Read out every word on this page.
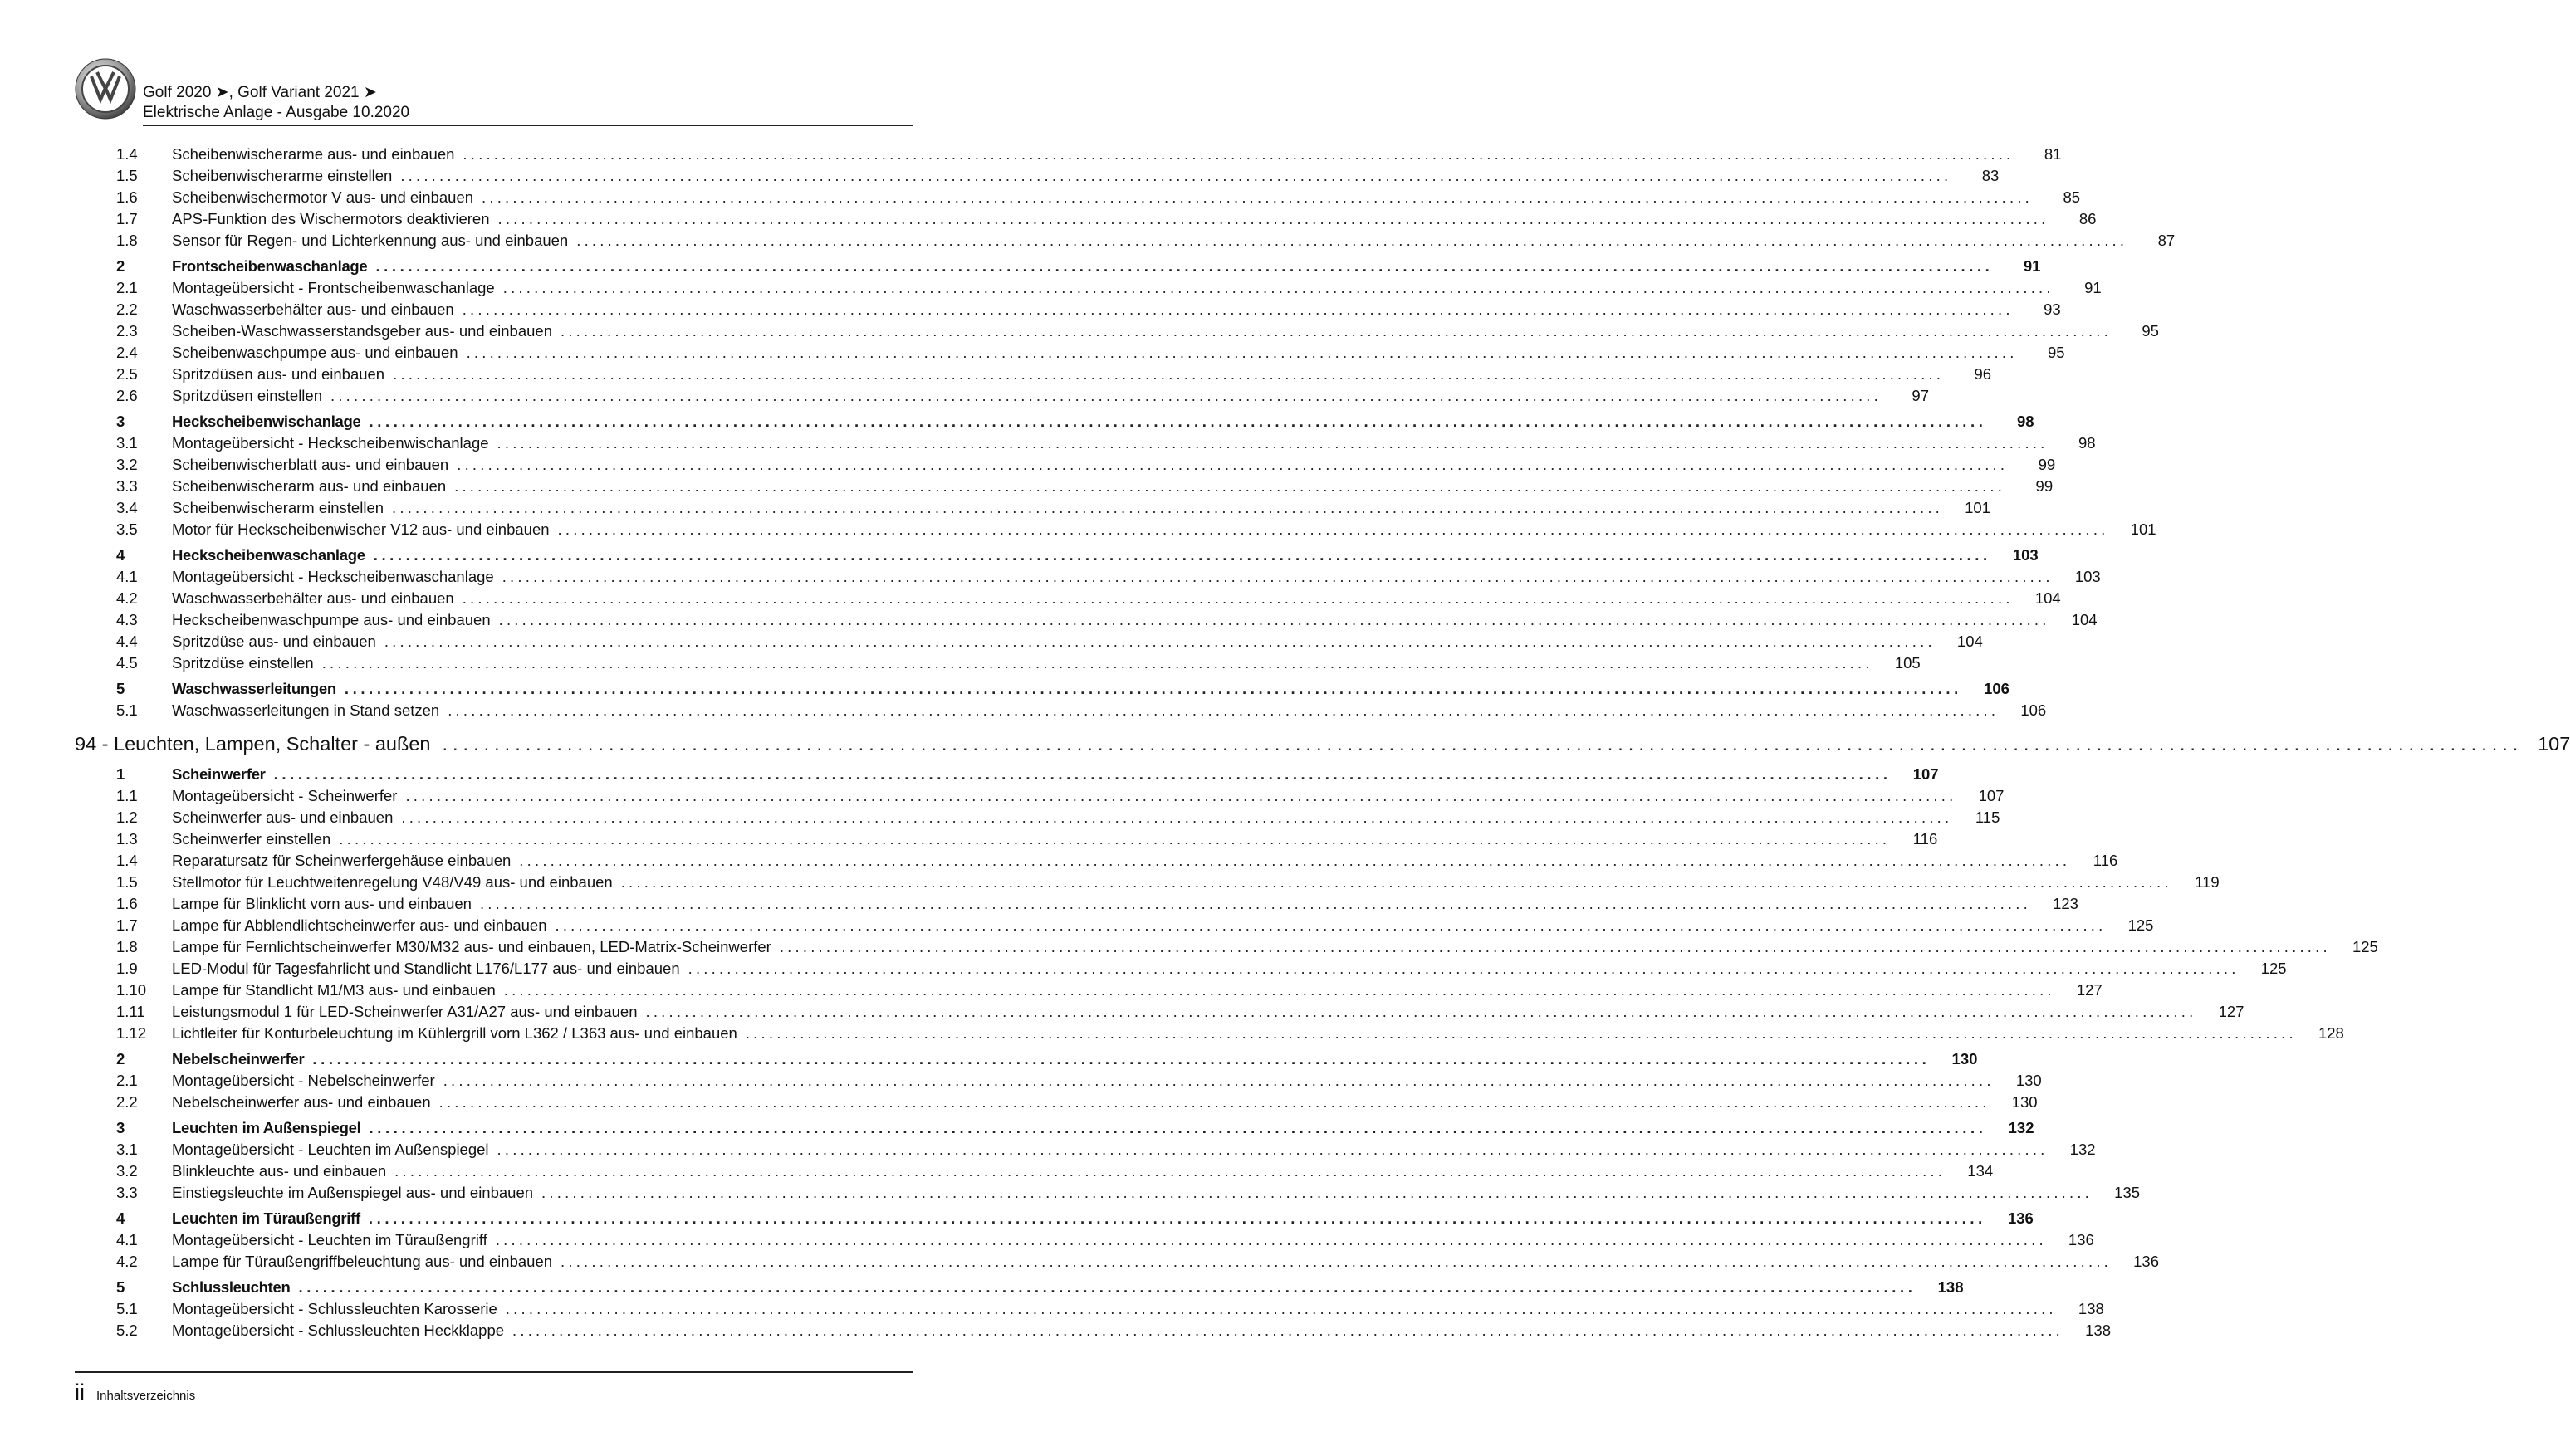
Golf 2020 ➤, Golf Variant 2021 ➤
Elektrische Anlage - Ausgabe 10.2020
1.4	Scheibenwischerarme aus- und einbauen ........................................................................................................................................................................................................	81
1.5	Scheibenwischerarme einstellen ........................................................................................................................................................................................................	83
1.6	Scheibenwischermotor V aus- und einbauen ........................................................................................................................................................................................................	85
1.7	APS-Funktion des Wischermotors deaktivieren ........................................................................................................................................................................................................	86
1.8	Sensor für Regen- und Lichterkennung aus- und einbauen ........................................................................................................................................................................................................	87
2	Frontscheibenwaschanlage ........................................................................................................................................................................................................	91
2.1	Montageübersicht - Frontscheibenwaschanlage ........................................................................................................................................................................................................	91
2.2	Waschwasserbehälter aus- und einbauen ........................................................................................................................................................................................................	93
2.3	Scheiben-Waschwasserstandsgeber aus- und einbauen ........................................................................................................................................................................................................	95
2.4	Scheibenwaschpumpe aus- und einbauen ........................................................................................................................................................................................................	95
2.5	Spritzdüsen aus- und einbauen ........................................................................................................................................................................................................	96
2.6	Spritzdüsen einstellen ........................................................................................................................................................................................................	97
3	Heckscheibenwischanlage ........................................................................................................................................................................................................	98
3.1	Montageübersicht - Heckscheibenwischanlage ........................................................................................................................................................................................................	98
3.2	Scheibenwischerblatt aus- und einbauen ........................................................................................................................................................................................................	99
3.3	Scheibenwischerarm aus- und einbauen ........................................................................................................................................................................................................	99
3.4	Scheibenwischerarm einstellen ........................................................................................................................................................................................................	101
3.5	Motor für Heckscheibenwischer V12 aus- und einbauen ........................................................................................................................................................................................................	101
4	Heckscheibenwaschanlage ........................................................................................................................................................................................................	103
4.1	Montageübersicht - Heckscheibenwaschanlage ........................................................................................................................................................................................................	103
4.2	Waschwasserbehälter aus- und einbauen ........................................................................................................................................................................................................	104
4.3	Heckscheibenwaschpumpe aus- und einbauen ........................................................................................................................................................................................................	104
4.4	Spritzdüse aus- und einbauen ........................................................................................................................................................................................................	104
4.5	Spritzdüse einstellen ........................................................................................................................................................................................................	105
5	Waschwasserleitungen ........................................................................................................................................................................................................	106
5.1	Waschwasserleitungen in Stand setzen ........................................................................................................................................................................................................	106
94 - Leuchten, Lampen, Schalter - außen ........................................................................................................................................................................................................ 107
1	Scheinwerfer ........................................................................................................................................................................................................	107
1.1	Montageübersicht - Scheinwerfer ........................................................................................................................................................................................................	107
1.2	Scheinwerfer aus- und einbauen ........................................................................................................................................................................................................	115
1.3	Scheinwerfer einstellen ........................................................................................................................................................................................................	116
1.4	Reparatursatz für Scheinwerfergehäuse einbauen ........................................................................................................................................................................................................	116
1.5	Stellmotor für Leuchtweitenregelung V48/V49 aus- und einbauen ........................................................................................................................................................................................................	119
1.6	Lampe für Blinklicht vorn aus- und einbauen ........................................................................................................................................................................................................	123
1.7	Lampe für Abblendlichtscheinwerfer aus- und einbauen ........................................................................................................................................................................................................	125
1.8	Lampe für Fernlichtscheinwerfer M30/M32 aus- und einbauen, LED-Matrix-Scheinwerfer ........................................................................................................................................................................................................	125
1.9	LED-Modul für Tagesfahrlicht und Standlicht L176/L177 aus- und einbauen ........................................................................................................................................................................................................	125
1.10	Lampe für Standlicht M1/M3 aus- und einbauen ........................................................................................................................................................................................................	127
1.11	Leistungsmodul 1 für LED-Scheinwerfer A31/A27 aus- und einbauen ........................................................................................................................................................................................................	127
1.12	Lichtleiter für Konturbeleuchtung im Kühlergrill vorn L362 / L363 aus- und einbauen ........................................................................................................................................................................................................	128
2	Nebelscheinwerfer ........................................................................................................................................................................................................	130
2.1	Montageübersicht - Nebelscheinwerfer ........................................................................................................................................................................................................	130
2.2	Nebelscheinwerfer aus- und einbauen ........................................................................................................................................................................................................	130
3	Leuchten im Außenspiegel ........................................................................................................................................................................................................	132
3.1	Montageübersicht - Leuchten im Außenspiegel ........................................................................................................................................................................................................	132
3.2	Blinkleuchte aus- und einbauen ........................................................................................................................................................................................................	134
3.3	Einstiegsleuchte im Außenspiegel aus- und einbauen ........................................................................................................................................................................................................	135
4	Leuchten im Türaußengriff ........................................................................................................................................................................................................	136
4.1	Montageübersicht - Leuchten im Türaußengriff ........................................................................................................................................................................................................	136
4.2	Lampe für Türaußengriffbeleuchtung aus- und einbauen ........................................................................................................................................................................................................	136
5	Schlussleuchten ........................................................................................................................................................................................................	138
5.1	Montageübersicht - Schlussleuchten Karosserie ........................................................................................................................................................................................................	138
5.2	Montageübersicht - Schlussleuchten Heckklappe ........................................................................................................................................................................................................	138
ii Inhaltsverzeichnis
